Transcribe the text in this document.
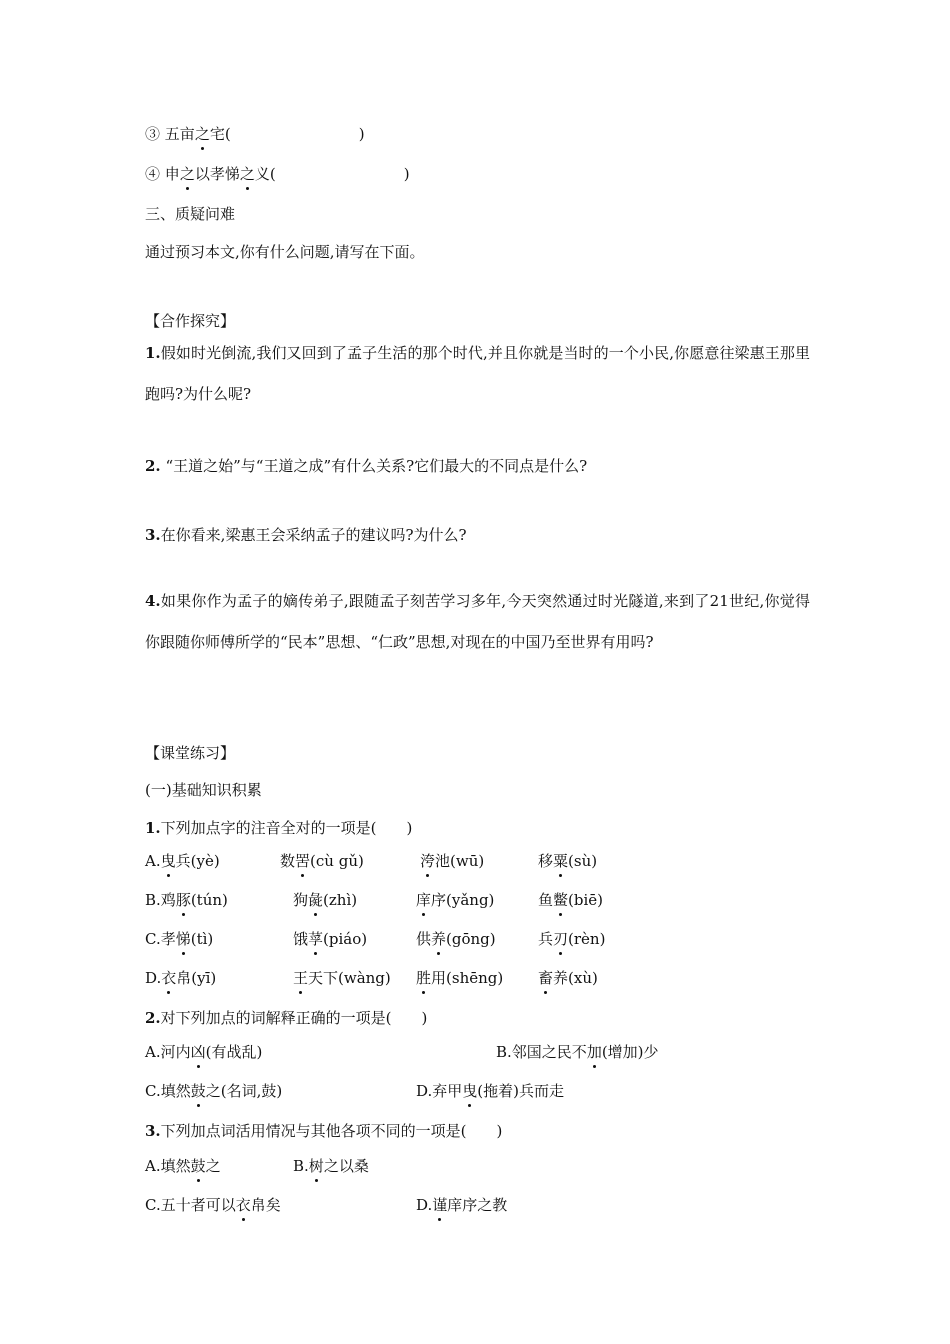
③ 五亩之宅(	)
④ 申之以孝悌之义(	)
三、质疑问难
通过预习本文,你有什么问题,请写在下面。
【合作探究】
1.假如时光倒流,我们又回到了孟子生活的那个时代,并且你就是当时的一个小民,你愿意往梁惠王那里跑吗?为什么呢?
2. “王道之始”与“王道之成”有什么关系?它们最大的不同点是什么?
3.在你看来,梁惠王会采纳孟子的建议吗?为什么?
4.如果你作为孟子的嫡传弟子,跟随孟子刻苦学习多年,今天突然通过时光隧道,来到了21世纪,你觉得你跟随你师傅所学的“民本”思想、“仁政”思想,对现在的中国乃至世界有用吗?
【课堂练习】
(一)基础知识积累
1.下列加点字的注音全对的一项是(　　)
A.曳兵(yè)	数罟(cù gǔ)	洿池(wū)	移粟(sù)
B.鸡豚(tún)	狗彘(zhì)	庠序(yǎng)	鱼鳖(biē)
C.孝悌(tì)	饿莩(piáo)	供养(gōng)	兵刃(rèn)
D.衣帛(yī)	王天下(wàng) 胜用(shēng) 畜养(xù)
2.对下列加点的词解释正确的一项是(　　)
A.河内凶(有战乱)	B.邻国之民不加(增加)少
C.填然鼓之(名词,鼓)	D.弃甲曳(拖着)兵而走
3.下列加点词活用情况与其他各项不同的一项是(　　)
A.填然鼓之	B.树之以桑
C.五十者可以衣帛矣	D.谨庠序之教
